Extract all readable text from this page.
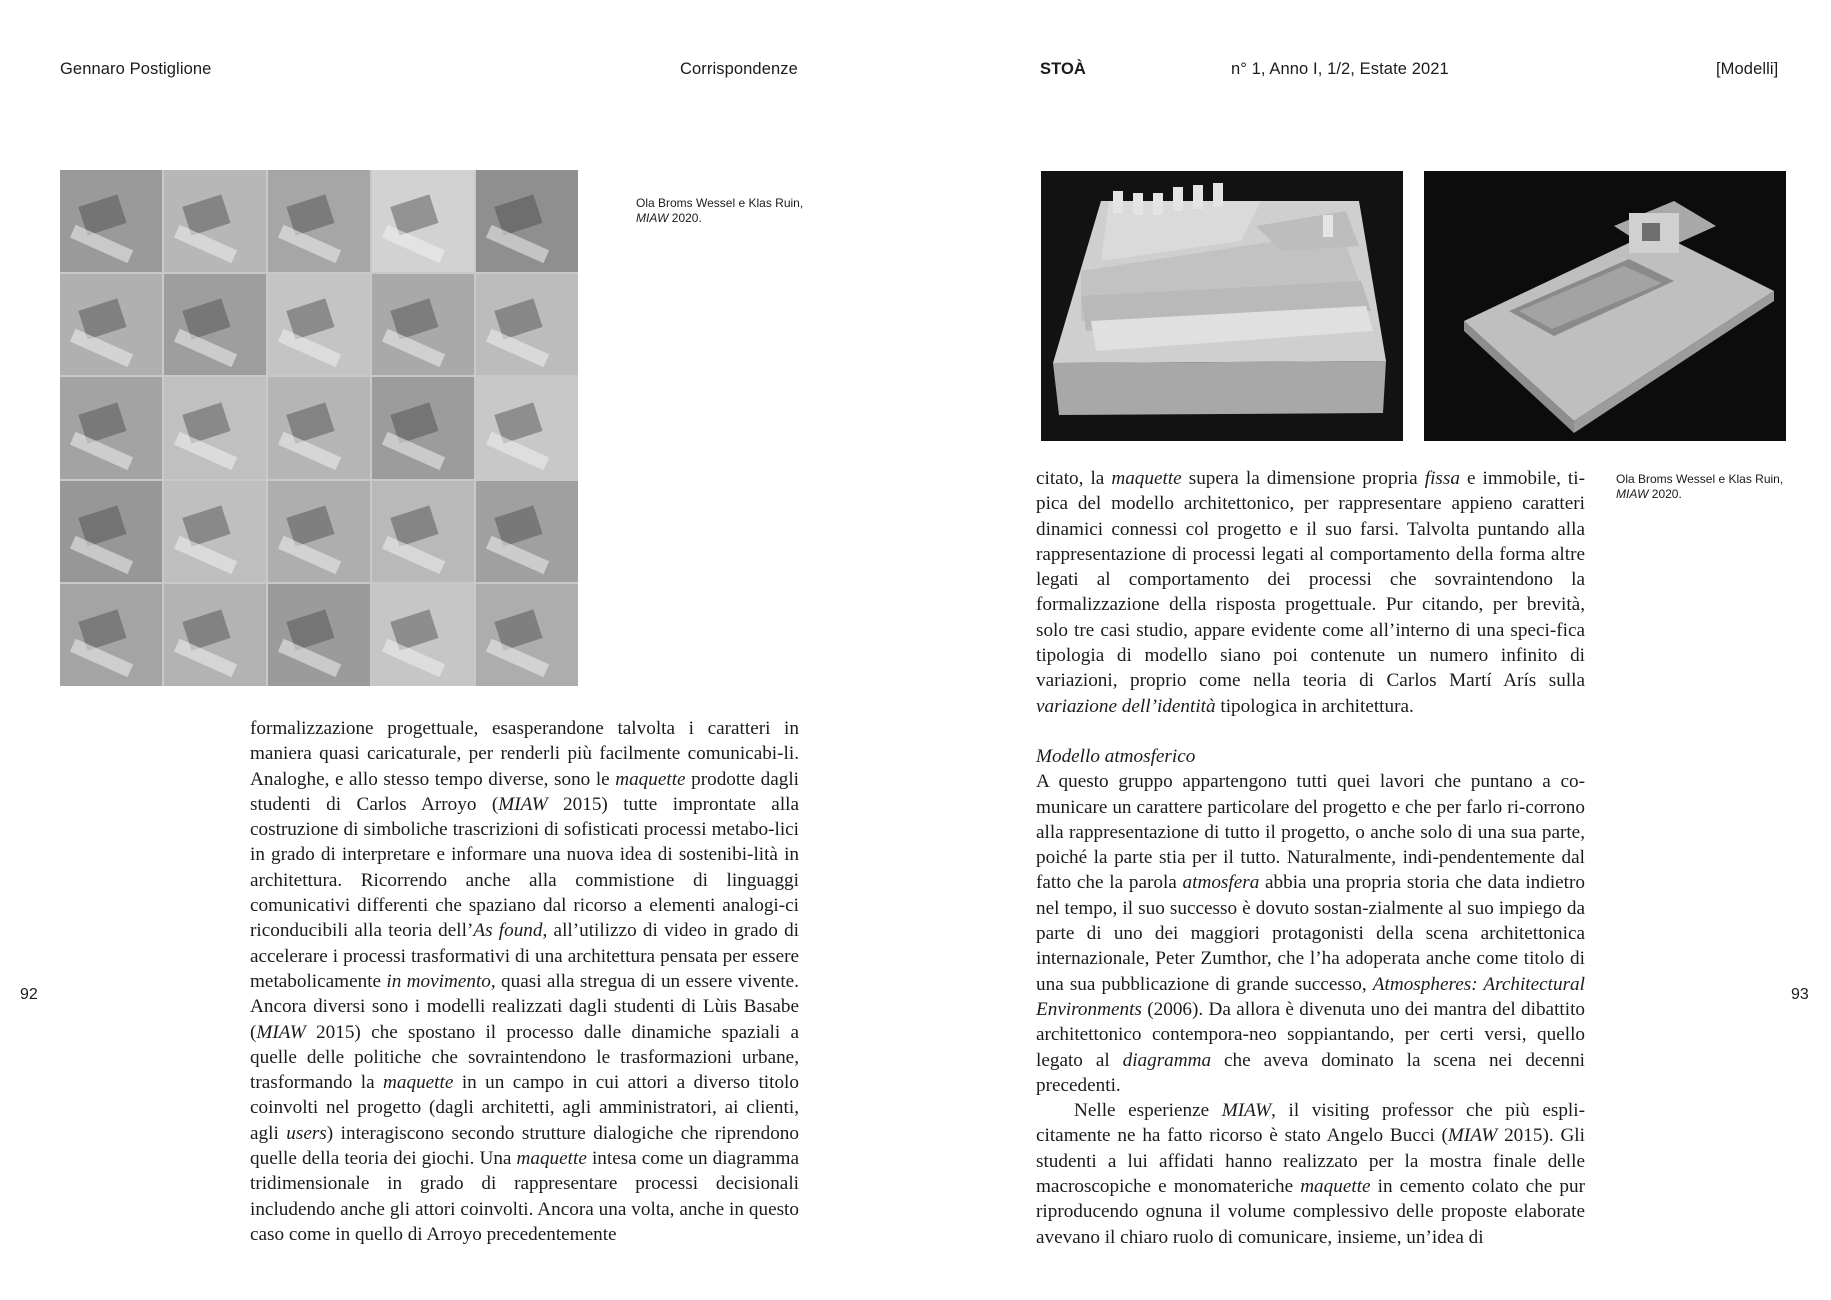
Gennaro Postiglione	Corrispondenze	STOÀ	n° 1, Anno I, 1/2, Estate 2021	[Modelli]
Ola Broms Wessel e Klas Ruin,
MIAW 2020.
Ola Broms Wessel e Klas Ruin,
MIAW 2020.
92	93

formalizzazione progettuale, esasperandone talvolta i caratteri in maniera quasi caricaturale, per renderli più facilmente comunicabi-li. Analoghe, e allo stesso tempo diverse, sono le maquette prodotte dagli studenti di Carlos Arroyo (MIAW 2015) tutte improntate alla costruzione di simboliche trascrizioni di sofisticati processi metabo-lici in grado di interpretare e informare una nuova idea di sostenibi-lità in architettura. Ricorrendo anche alla commistione di linguaggi comunicativi differenti che spaziano dal ricorso a elementi analogi-ci riconducibili alla teoria dell’As found, all’utilizzo di video in grado di accelerare i processi trasformativi di una architettura pensata per essere metabolicamente in movimento, quasi alla stregua di un essere vivente. Ancora diversi sono i modelli realizzati dagli studenti di Lùis Basabe (MIAW 2015) che spostano il processo dalle dinamiche spaziali a quelle delle politiche che sovraintendono le trasformazioni urbane, trasformando la maquette in un campo in cui attori a diverso titolo coinvolti nel progetto (dagli architetti, agli amministratori, ai clienti, agli users) interagiscono secondo strutture dialogiche che riprendono quelle della teoria dei giochi. Una maquette intesa come un diagramma tridimensionale in grado di rappresentare processi decisionali includendo anche gli attori coinvolti. Ancora una volta, anche in questo caso come in quello di Arroyo precedentemente

citato, la maquette supera la dimensione propria fissa e immobile, ti-pica del modello architettonico, per rappresentare appieno caratteri dinamici connessi col progetto e il suo farsi. Talvolta puntando alla rappresentazione di processi legati al comportamento della forma altre legati al comportamento dei processi che sovraintendono la formalizzazione della risposta progettuale. Pur citando, per brevità, solo tre casi studio, appare evidente come all’interno di una speci-fica tipologia di modello siano poi contenute un numero infinito di variazioni, proprio come nella teoria di Carlos Martí Arís sulla variazione dell’identità tipologica in architettura.

Modello atmosferico

A questo gruppo appartengono tutti quei lavori che puntano a co-municare un carattere particolare del progetto e che per farlo ri-corrono alla rappresentazione di tutto il progetto, o anche solo di una sua parte, poiché la parte stia per il tutto. Naturalmente, indi-pendentemente dal fatto che la parola atmosfera abbia una propria storia che data indietro nel tempo, il suo successo è dovuto sostan-zialmente al suo impiego da parte di uno dei maggiori protagonisti della scena architettonica internazionale, Peter Zumthor, che l’ha adoperata anche come titolo di una sua pubblicazione di grande successo, Atmospheres: Architectural Environments (2006). Da allora è divenuta uno dei mantra del dibattito architettonico contempora-neo soppiantando, per certi versi, quello legato al diagramma che aveva dominato la scena nei decenni precedenti.

Nelle esperienze MIAW, il visiting professor che più espli-citamente ne ha fatto ricorso è stato Angelo Bucci (MIAW 2015). Gli studenti a lui affidati hanno realizzato per la mostra finale delle macroscopiche e monomateriche maquette in cemento colato che pur riproducendo ognuna il volume complessivo delle proposte elaborate avevano il chiaro ruolo di comunicare, insieme, un’idea di
